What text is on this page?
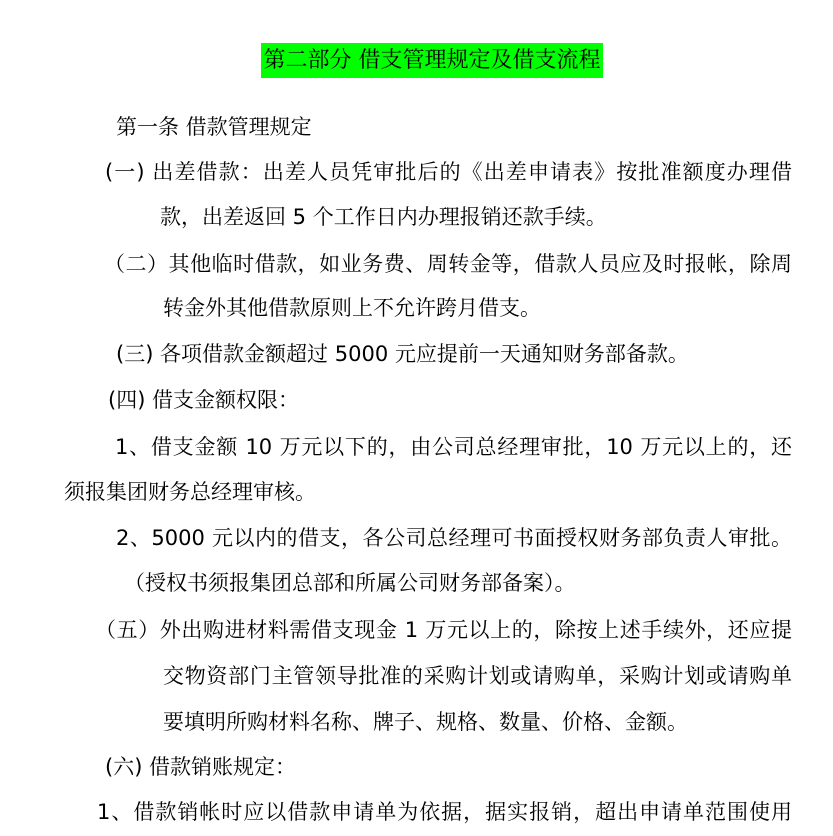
第二部分 借支管理规定及借支流程
第一条 借款管理规定
(一) 出差借款：出差人员凭审批后的《出差申请表》按批准额度办理借
款，出差返回 5 个工作日内办理报销还款手续。
（二）其他临时借款，如业务费、周转金等，借款人员应及时报帐，除周
转金外其他借款原则上不允许跨月借支。
(三) 各项借款金额超过 5000 元应提前一天通知财务部备款。
(四) 借支金额权限：
1、借支金额 10 万元以下的，由公司总经理审批，10 万元以上的，还
须报集团财务总经理审核。
2、5000 元以内的借支，各公司总经理可书面授权财务部负责人审批。
（授权书须报集团总部和所属公司财务部备案）。
（五）外出购进材料需借支现金 1 万元以上的，除按上述手续外，还应提
交物资部门主管领导批准的采购计划或请购单，采购计划或请购单
要填明所购材料名称、牌子、规格、数量、价格、金额。
(六) 借款销账规定：
1、借款销帐时应以借款申请单为依据，据实报销，超出申请单范围使用
